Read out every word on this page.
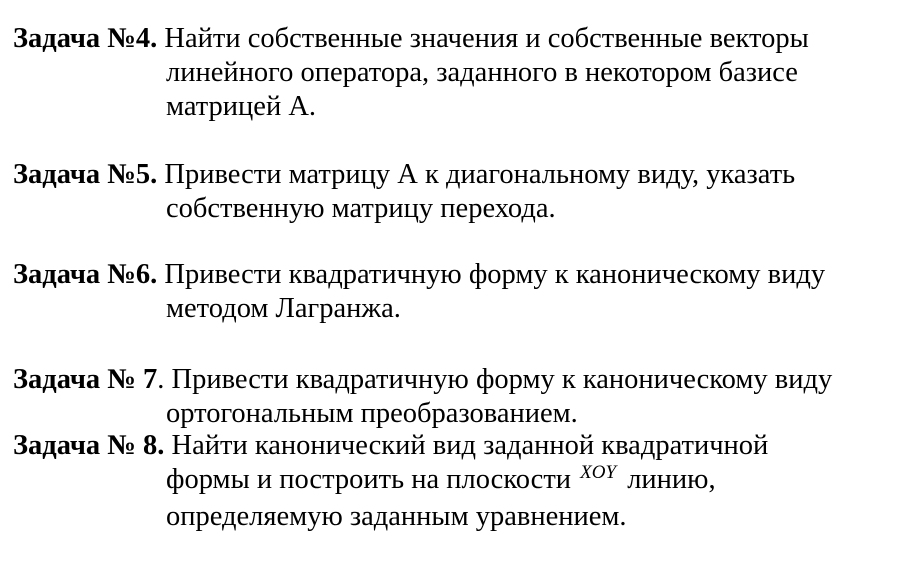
Задача №4. Найти собственные значения и собственные векторы
линейного оператора, заданного в некотором базисе
матрицей А.
Задача №5. Привести матрицу А к диагональному виду, указать
собственную матрицу перехода.
Задача №6. Привести квадратичную форму к каноническому виду
методом Лагранжа.
Задача № 7. Привести квадратичную форму к каноническому виду
ортогональным преобразованием.
Задача № 8. Найти канонический вид заданной квадратичной
формы и построить на плоскости $^{XOY}$ линию,
определяемую заданным уравнением.
